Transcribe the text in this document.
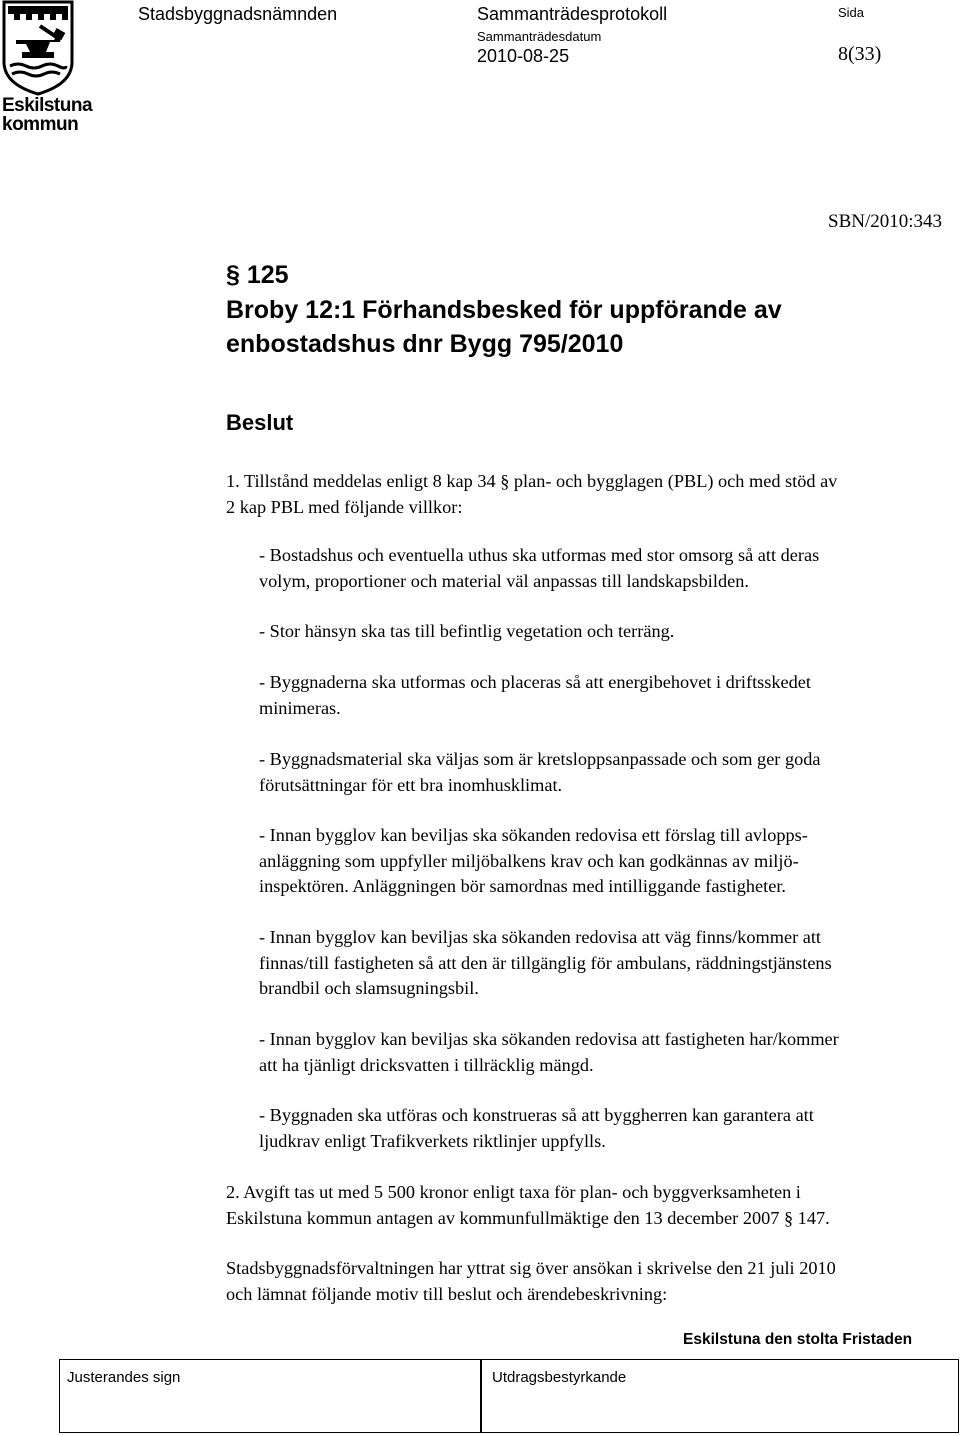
Eskilstuna
kommun
Stadsbyggnadsnämnden	Sammanträdesprotokoll
Sammanträdesdatum
2010-08-25
Sida
8(33)
SBN/2010:343
§ 125
Broby 12:1 Förhandsbesked för uppförande av
enbostadshus dnr Bygg 795/2010
Beslut
1. Tillstånd meddelas enligt 8 kap 34 § plan- och bygglagen (PBL) och med stöd av
2 kap PBL med följande villkor:
- Bostadshus och eventuella uthus ska utformas med stor omsorg så att deras
volym, proportioner och material väl anpassas till landskapsbilden.
- Stor hänsyn ska tas till befintlig vegetation och terräng.
- Byggnaderna ska utformas och placeras så att energibehovet i driftsskedet
minimeras.
- Byggnadsmaterial ska väljas som är kretsloppsanpassade och som ger goda
förutsättningar för ett bra inomhusklimat.
- Innan bygglov kan beviljas ska sökanden redovisa ett förslag till avlopps-
anläggning som uppfyller miljöbalkens krav och kan godkännas av miljö-
inspektören. Anläggningen bör samordnas med intilliggande fastigheter.
- Innan bygglov kan beviljas ska sökanden redovisa att väg finns/kommer att
finnas/till fastigheten så att den är tillgänglig för ambulans, räddningstjänstens
brandbil och slamsugningsbil.
- Innan bygglov kan beviljas ska sökanden redovisa att fastigheten har/kommer
att ha tjänligt dricksvatten i tillräcklig mängd.
- Byggnaden ska utföras och konstrueras så att byggherren kan garantera att
ljudkrav enligt Trafikverkets riktlinjer uppfylls.
2. Avgift tas ut med 5 500 kronor enligt taxa för plan- och byggverksamheten i
Eskilstuna kommun antagen av kommunfullmäktige den 13 december 2007 § 147.
Stadsbyggnadsförvaltningen har yttrat sig över ansökan i skrivelse den 21 juli 2010
och lämnat följande motiv till beslut och ärendebeskrivning:
Eskilstuna den stolta Fristaden
Justerandes sign	Utdragsbestyrkande
